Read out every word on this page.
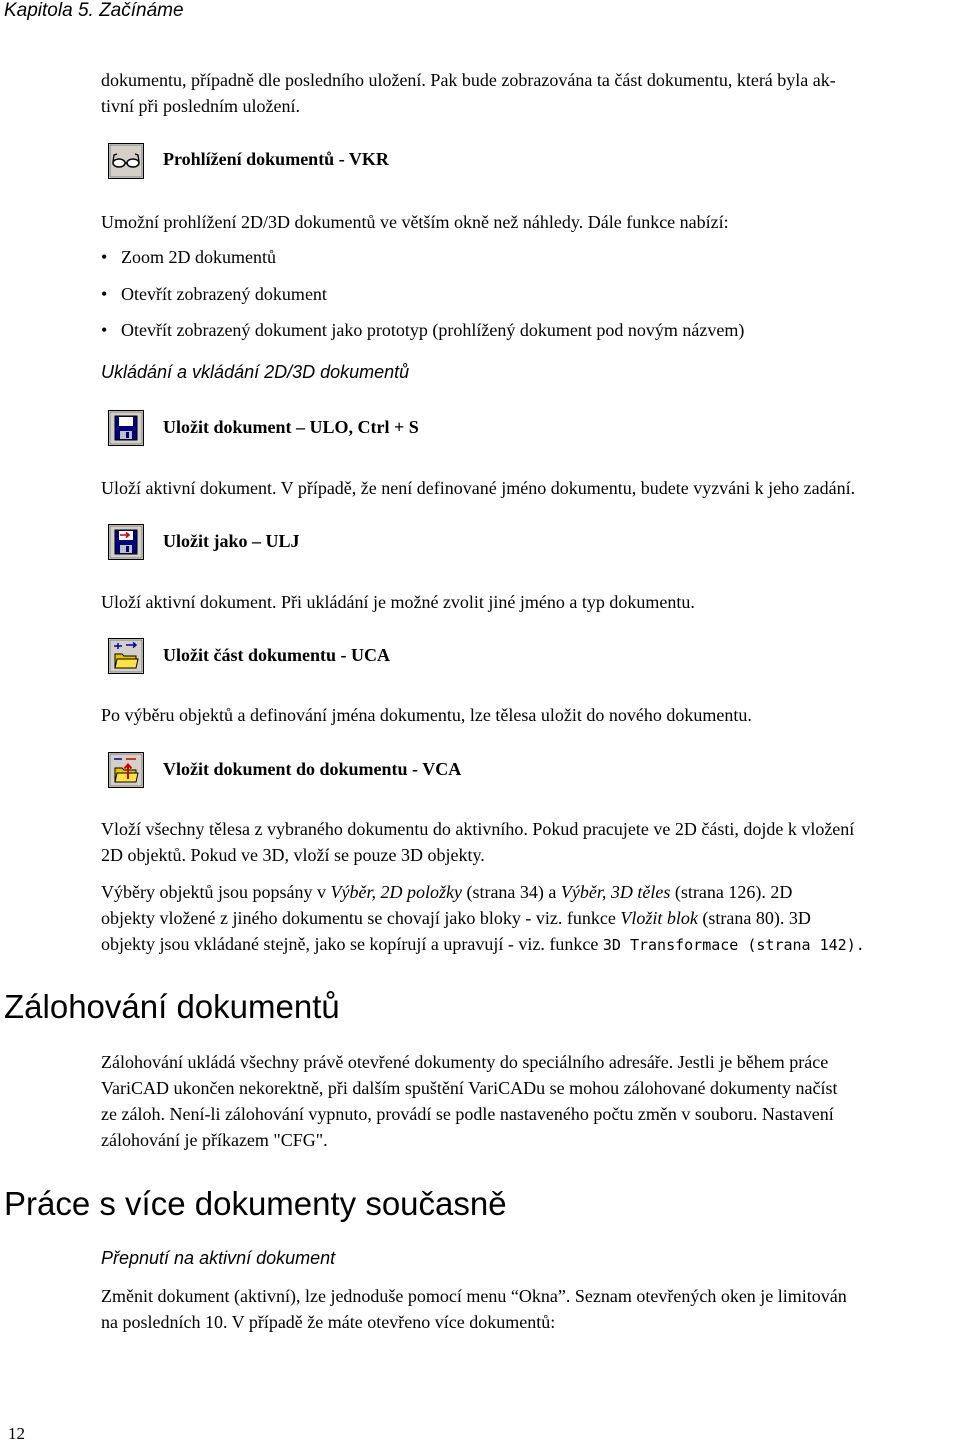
Kapitola 5. Začínáme
dokumentu, případně dle posledního uložení. Pak bude zobrazována ta část dokumentu, která byla ak-
tivní při posledním uložení.
Prohlížení dokumentů - VKR
Umožní prohlížení 2D/3D dokumentů ve větším okně než náhledy. Dále funkce nabízí:
• Zoom 2D dokumentů
• Otevřít zobrazený dokument
• Otevřít zobrazený dokument jako prototyp (prohlížený dokument pod novým názvem)
Ukládání a vkládání 2D/3D dokumentů
Uložit dokument – ULO, Ctrl + S
Uloží aktivní dokument. V případě, že není definované jméno dokumentu, budete vyzváni k jeho zadání.
Uložit jako – ULJ
Uloží aktivní dokument. Při ukládání je možné zvolit jiné jméno a typ dokumentu.
Uložit část dokumentu - UCA
Po výběru objektů a definování jména dokumentu, lze tělesa uložit do nového dokumentu.
Vložit dokument do dokumentu - VCA
Vloží všechny tělesa z vybraného dokumentu do aktivního. Pokud pracujete ve 2D části, dojde k vložení
2D objektů. Pokud ve 3D, vloží se pouze 3D objekty.
Výběry objektů jsou popsány v Výběr, 2D položky (strana 34) a Výběr, 3D těles (strana 126). 2D
objekty vložené z jiného dokumentu se chovají jako bloky - viz. funkce Vložit blok (strana 80). 3D
objekty jsou vkládané stejně, jako se kopírují a upravují - viz. funkce 3D Transformace (strana 142).
Zálohování dokumentů
Zálohování ukládá všechny právě otevřené dokumenty do speciálního adresáře. Jestli je během práce
VariCAD ukončen nekorektně, při dalším spuštění VariCADu se mohou zálohované dokumenty načíst
ze záloh. Není-li zálohování vypnuto, provádí se podle nastaveného počtu změn v souboru. Nastavení
zálohování je příkazem "CFG".
Práce s více dokumenty současně
Přepnutí na aktivní dokument
Změnit dokument (aktivní), lze jednoduše pomocí menu “Okna”. Seznam otevřených oken je limitován
na posledních 10. V případě že máte otevřeno více dokumentů:
12
